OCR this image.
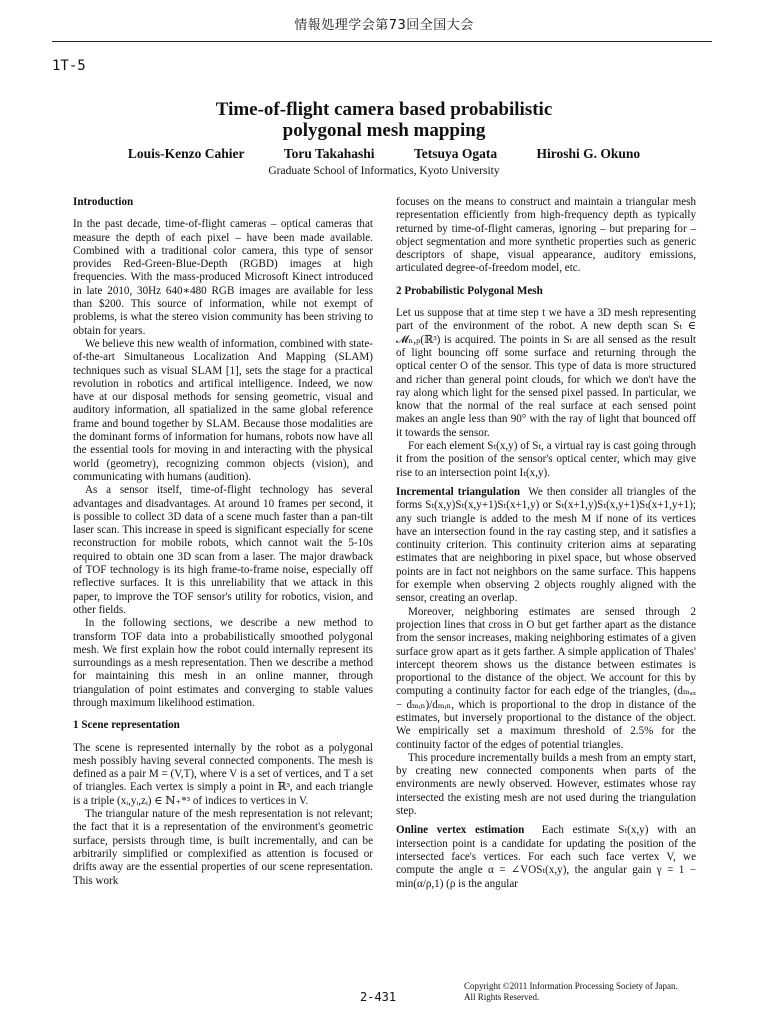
情報処理学会第73回全国大会
1T-5
Time-of-flight camera based probabilistic
polygonal mesh mapping
Louis-Kenzo Cahier	Toru Takahashi	Tetsuya Ogata	Hiroshi G. Okuno
Graduate School of Informatics, Kyoto University
Introduction

In the past decade, time-of-flight cameras – optical cameras that measure the depth of each pixel – have been made available. Combined with a traditional color camera, this type of sensor provides Red-Green-Blue-Depth (RGBD) images at high frequencies. With the mass-produced Microsoft Kinect introduced in late 2010, 30Hz 640∗480 RGB images are available for less than $200. This source of information, while not exempt of problems, is what the stereo vision community has been striving to obtain for years.

We believe this new wealth of information, combined with state-of-the-art Simultaneous Localization And Mapping (SLAM) techniques such as visual SLAM [1], sets the stage for a practical revolution in robotics and artifical intelligence. Indeed, we now have at our disposal methods for sensing geometric, visual and auditory information, all spatialized in the same global reference frame and bound together by SLAM. Because those modalities are the dominant forms of information for humans, robots now have all the essential tools for moving in and interacting with the physical world (geometry), recognizing common objects (vision), and communicating with humans (audition).

As a sensor itself, time-of-flight technology has several advantages and disadvantages. At around 10 frames per second, it is possible to collect 3D data of a scene much faster than a pan-tilt laser scan. This increase in speed is significant especially for scene reconstruction for mobile robots, which cannot wait the 5-10s required to obtain one 3D scan from a laser. The major drawback of TOF technology is its high frame-to-frame noise, especially off reflective surfaces. It is this unreliability that we attack in this paper, to improve the TOF sensor's utility for robotics, vision, and other fields.

In the following sections, we describe a new method to transform TOF data into a probabilistically smoothed polygonal mesh. We first explain how the robot could internally represent its surroundings as a mesh representation. Then we describe a method for maintaining this mesh in an online manner, through triangulation of point estimates and converging to stable values through maximum likelihood estimation.

1 Scene representation

The scene is represented internally by the robot as a polygonal mesh possibly having several connected components. The mesh is defined as a pair M = (V,T), where V is a set of vertices, and T a set of triangles. Each vertex is simply a point in ℝ³, and each triangle is a triple (xᵢ,yᵢ,zᵢ) ∈ ℕ₊*³ of indices to vertices in V.

The triangular nature of the mesh representation is not relevant; the fact that it is a representation of the environment's geometric surface, persists through time, is built incrementally, and can be arbitrarily simplified or complexified as attention is focused or drifts away are the essential properties of our scene representation. This work

focuses on the means to construct and maintain a triangular mesh representation efficiently from high-frequency depth as typically returned by time-of-flight cameras, ignoring – but preparing for – object segmentation and more synthetic properties such as generic descriptors of shape, visual appearance, auditory emissions, articulated degree-of-freedom model, etc.

2 Probabilistic Polygonal Mesh

Let us suppose that at time step t we have a 3D mesh representing part of the environment of the robot. A new depth scan Sₜ ∈ 𝓜ₙ,ₚ(ℝ³) is acquired. The points in Sₜ are all sensed as the result of light bouncing off some surface and returning through the optical center O of the sensor. This type of data is more structured and richer than general point clouds, for which we don't have the ray along which light for the sensed pixel passed. In particular, we know that the normal of the real surface at each sensed point makes an angle less than 90° with the ray of light that bounced off it towards the sensor.

For each element Sₜ(x,y) of Sₜ, a virtual ray is cast going through it from the position of the sensor's optical center, which may give rise to an intersection point Iₜ(x,y).

Incremental triangulation We then consider all triangles of the forms Sₜ(x,y)Sₜ(x,y+1)Sₜ(x+1,y) or Sₜ(x+1,y)Sₜ(x,y+1)Sₜ(x+1,y+1); any such triangle is added to the mesh M if none of its vertices have an intersection found in the ray casting step, and it satisfies a continuity criterion. This continuity criterion aims at separating estimates that are neighboring in pixel space, but whose observed points are in fact not neighbors on the same surface. This happens for exemple when observing 2 objects roughly aligned with the sensor, creating an overlap.

Moreover, neighboring estimates are sensed through 2 projection lines that cross in O but get farther apart as the distance from the sensor increases, making neighboring estimates of a given surface grow apart as it gets farther. A simple application of Thales' intercept theorem shows us the distance between estimates is proportional to the distance of the object. We account for this by computing a continuity factor for each edge of the triangles, (dₘₐₓ − dₘᵢₙ)/dₘᵢₙ, which is proportional to the drop in distance of the estimates, but inversely proportional to the distance of the object. We empirically set a maximum threshold of 2.5% for the continuity factor of the edges of potential triangles.

This procedure incrementally builds a mesh from an empty start, by creating new connected components when parts of the environments are newly observed. However, estimates whose ray intersected the existing mesh are not used during the triangulation step.

Online vertex estimation Each estimate Sₜ(x,y) with an intersection point is a candidate for updating the position of the intersected face's vertices. For each such face vertex V, we compute the angle α = ∠VOSₜ(x,y), the angular gain γ = 1 − min(α/ρ,1) (ρ is the angular

2-431
Copyright ©2011 Information Processing Society of Japan.
All Rights Reserved.
